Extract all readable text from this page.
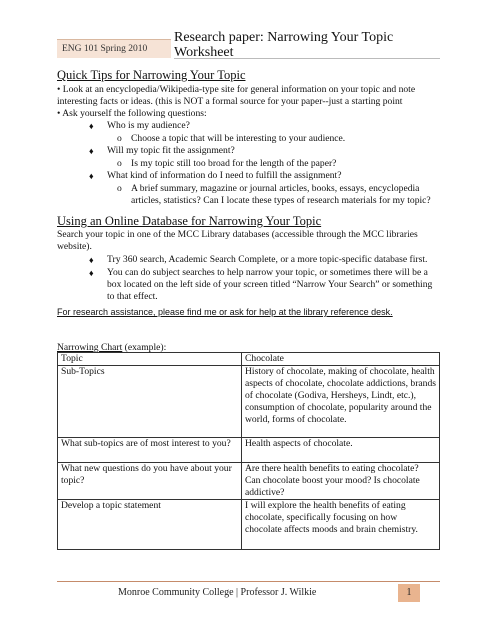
ENG 101 Spring 2010
Research paper: Narrowing Your Topic
Worksheet
Quick Tips for Narrowing Your Topic
• Look at an encyclopedia/Wikipedia-type site for general information on your topic and note
interesting facts or ideas. (this is NOT a formal source for your paper--just a starting point
• Ask yourself the following questions:
♦ Who is my audience?
o Choose a topic that will be interesting to your audience.
♦ Will my topic fit the assignment?
o Is my topic still too broad for the length of the paper?
♦ What kind of information do I need to fulfill the assignment?
o A brief summary, magazine or journal articles, books, essays, encyclopedia
articles, statistics? Can I locate these types of research materials for my topic?
Using an Online Database for Narrowing Your Topic
Search your topic in one of the MCC Library databases (accessible through the MCC libraries
website).
♦ Try 360 search, Academic Search Complete, or a more topic-specific database first.
♦ You can do subject searches to help narrow your topic, or sometimes there will be a
box located on the left side of your screen titled “Narrow Your Search” or something
to that effect.
For research assistance, please find me or ask for help at the library reference desk.
Narrowing Chart (example):
Topic	Chocolate
Sub-Topics	History of chocolate, making of chocolate, health aspects of chocolate, chocolate addictions, brands of chocolate (Godiva, Hersheys, Lindt, etc.), consumption of chocolate, popularity around the world, forms of chocolate.
What sub-topics are of most interest to you?	Health aspects of chocolate.
What new questions do you have about your topic?	Are there health benefits to eating chocolate? Can chocolate boost your mood? Is chocolate addictive?
Develop a topic statement	I will explore the health benefits of eating chocolate, specifically focusing on how chocolate affects moods and brain chemistry.
Monroe Community College | Professor J. Wilkie	1
